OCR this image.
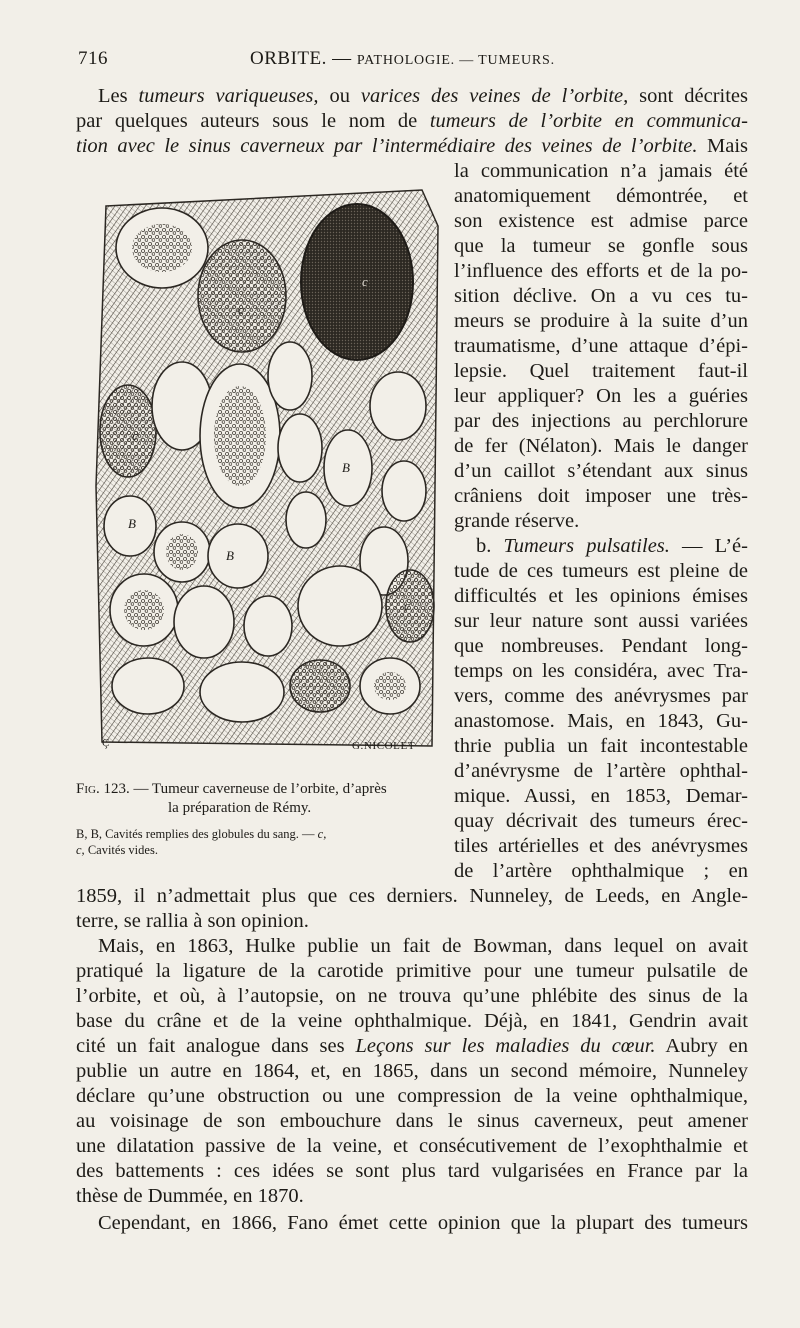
716	ORBITE. — PATHOLOGIE. — TUMEURS.
Les tumeurs variqueuses, ou varices des veines de l’orbite, sont décrites
par quelques auteurs sous le nom de tumeurs de l’orbite en communica-
tion avec le sinus caverneux par l’intermédiaire des veines de l’orbite. Mais
la communication n’a jamais été
anatomiquement démontrée, et
son existence est admise parce
que la tumeur se gonfle sous
l’influence des efforts et de la po-
sition déclive. On a vu ces tu-
meurs se produire à la suite d’un
traumatisme, d’une attaque d’épi-
lepsie. Quel traitement faut-il
leur appliquer? On les a guéries
par des injections au perchlorure
de fer (Nélaton). Mais le danger
d’un caillot s’étendant aux sinus
crâniens doit imposer une très-
grande réserve.
b. Tumeurs pulsatiles. — L’é-
tude de ces tumeurs est pleine de
difficultés et les opinions émises
sur leur nature sont aussi variées
que nombreuses. Pendant long-
temps on les considéra, avec Tra-
vers, comme des anévrysmes par
anastomose. Mais, en 1843, Gu-
thrie publia un fait incontestable
d’anévrysme de l’artère ophthal-
mique. Aussi, en 1853, Demar-
quay décrivait des tumeurs érec-
tiles artérielles et des anévrysmes
de l’artère ophthalmique ; en
1859, il n’admettait plus que ces derniers. Nunneley, de Leeds, en Angle-
terre, se rallia à son opinion.
Mais, en 1863, Hulke publie un fait de Bowman, dans lequel on avait
pratiqué la ligature de la carotide primitive pour une tumeur pulsatile de
l’orbite, et où, à l’autopsie, on ne trouva qu’une phlébite des sinus de la
base du crâne et de la veine ophthalmique. Déjà, en 1841, Gendrin avait
cité un fait analogue dans ses Leçons sur les maladies du cœur. Aubry en
publie un autre en 1864, et, en 1865, dans un second mémoire, Nunneley
déclare qu’une obstruction ou une compression de la veine ophthalmique,
au voisinage de son embouchure dans le sinus caverneux, peut amener
une dilatation passive de la veine, et consécutivement de l’exophthalmie et
des battements : ces idées se sont plus tard vulgarisées en France par la
thèse de Dummée, en 1870.
Cependant, en 1866, Fano émet cette opinion que la plupart des tumeurs
c
c
B
B
B
c
c
Ç	G.NICOLET
Fig. 123. — Tumeur caverneuse de l’orbite, d’après
la préparation de Rémy.
B, B, Cavités remplies des globules du sang. — c,
c, Cavités vides.
